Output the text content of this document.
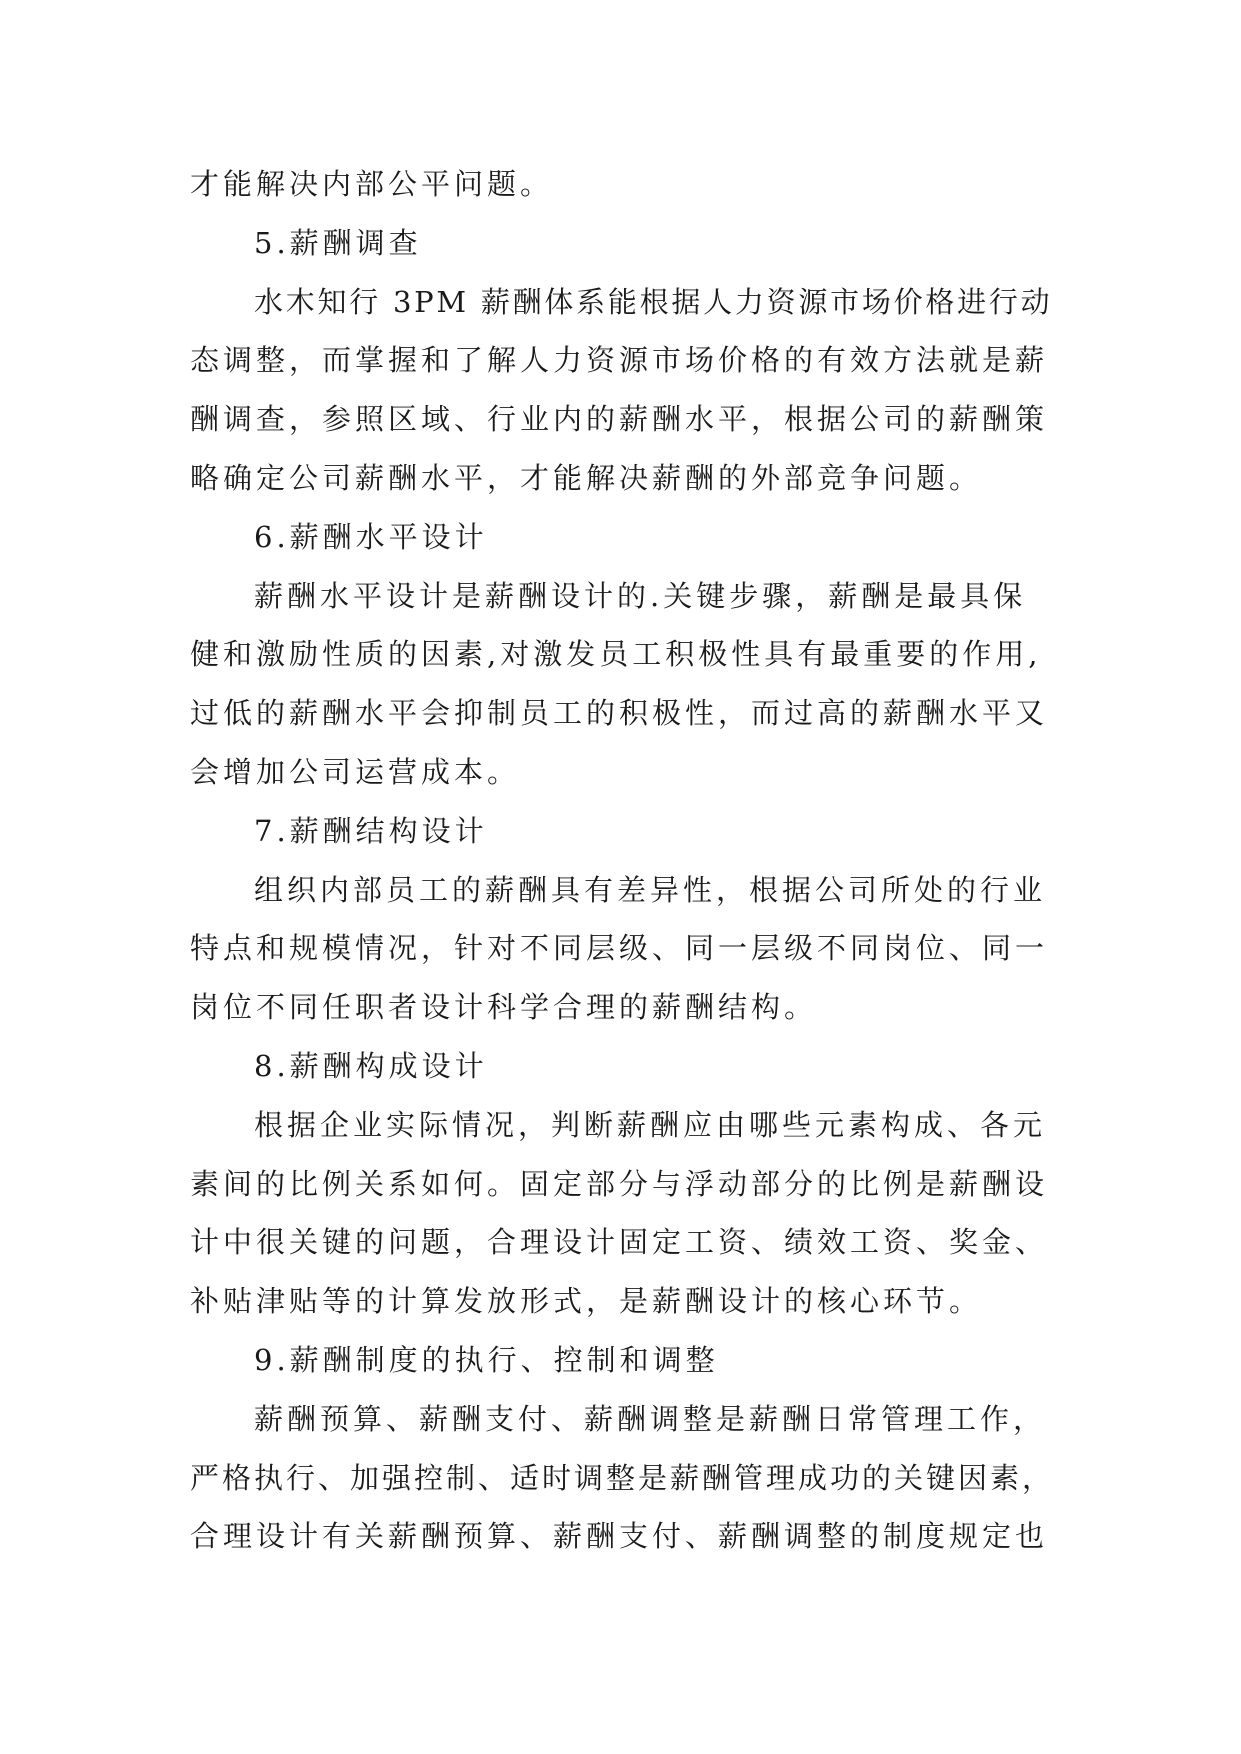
才能解决内部公平问题。
5.薪酬调查
水木知行 3PM 薪酬体系能根据人力资源市场价格进行动
态调整，而掌握和了解人力资源市场价格的有效方法就是薪
酬调查，参照区域、行业内的薪酬水平，根据公司的薪酬策
略确定公司薪酬水平，才能解决薪酬的外部竞争问题。
6.薪酬水平设计
薪酬水平设计是薪酬设计的.关键步骤，薪酬是最具保
健和激励性质的因素,对激发员工积极性具有最重要的作用,
过低的薪酬水平会抑制员工的积极性，而过高的薪酬水平又
会增加公司运营成本。
7.薪酬结构设计
组织内部员工的薪酬具有差异性，根据公司所处的行业
特点和规模情况，针对不同层级、同一层级不同岗位、同一
岗位不同任职者设计科学合理的薪酬结构。
8.薪酬构成设计
根据企业实际情况，判断薪酬应由哪些元素构成、各元
素间的比例关系如何。固定部分与浮动部分的比例是薪酬设
计中很关键的问题，合理设计固定工资、绩效工资、奖金、
补贴津贴等的计算发放形式，是薪酬设计的核心环节。
9.薪酬制度的执行、控制和调整
薪酬预算、薪酬支付、薪酬调整是薪酬日常管理工作，
严格执行、加强控制、适时调整是薪酬管理成功的关键因素，
合理设计有关薪酬预算、薪酬支付、薪酬调整的制度规定也
